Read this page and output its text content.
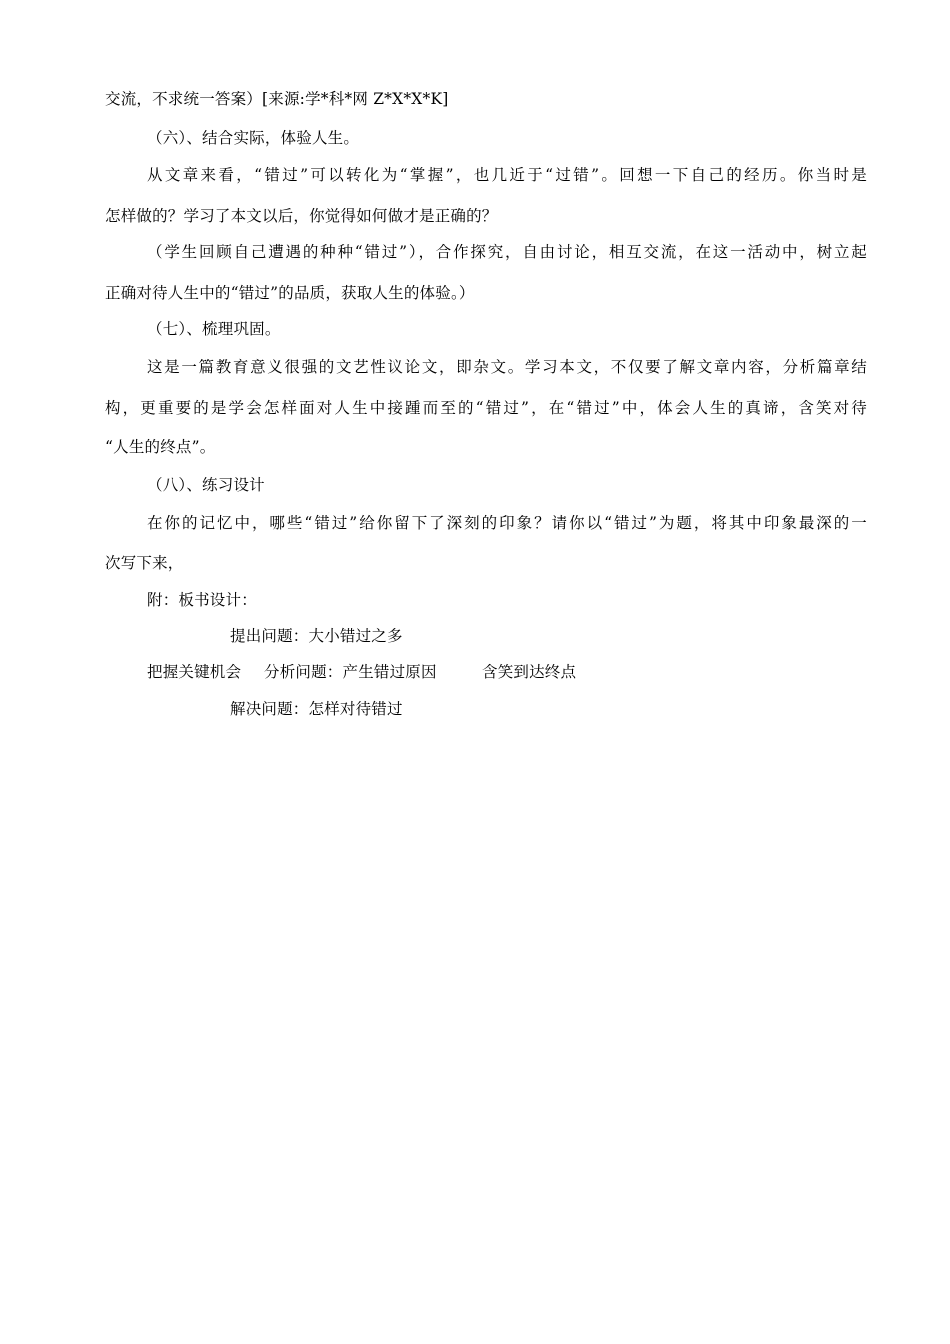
交流，不求统一答案）[来源:学*科*网 Z*X*X*K]
（六）、结合实际，体验人生。
从文章来看，“错过”可以转化为“掌握”，也几近于“过错”。回想一下自己的经历。你当时是
怎样做的？学习了本文以后，你觉得如何做才是正确的？
（学生回顾自己遭遇的种种“错过”），合作探究，自由讨论，相互交流，在这一活动中，树立起
正确对待人生中的“错过”的品质，获取人生的体验。）
（七）、梳理巩固。
这是一篇教育意义很强的文艺性议论文，即杂文。学习本文，不仅要了解文章内容，分析篇章结
构，更重要的是学会怎样面对人生中接踵而至的“错过”，在“错过”中，体会人生的真谛，含笑对待
“人生的终点”。
（八）、练习设计
在你的记忆中，哪些“错过”给你留下了深刻的印象？请你以“错过”为题，将其中印象最深的一
次写下来，
附：板书设计：
提出问题：大小错过之多
把握关键机会 分析问题：产生错过原因	含笑到达终点
解决问题：怎样对待错过
